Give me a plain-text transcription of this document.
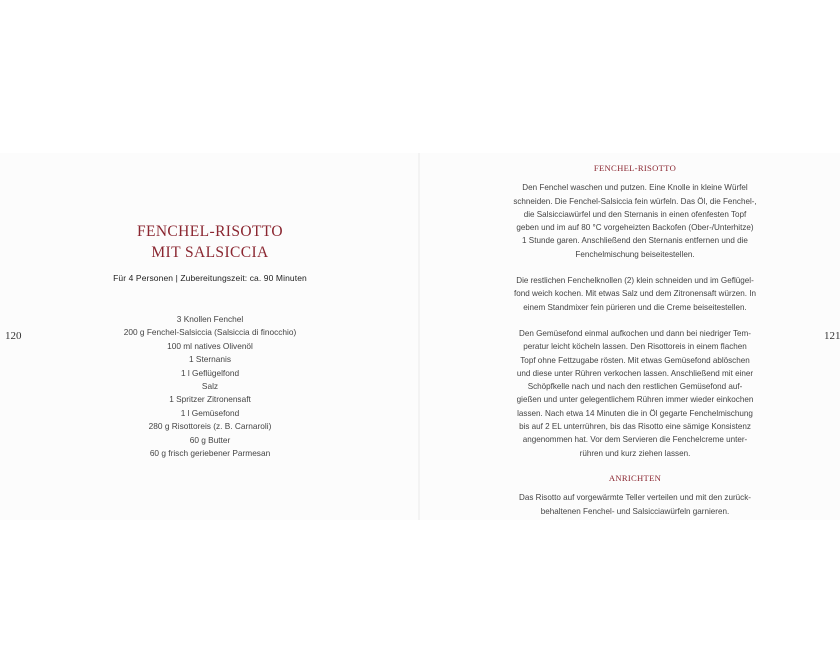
FENCHEL-RISOTTO
MIT SALSICCIA
Für 4 Personen | Zubereitungszeit: ca. 90 Minuten
3 Knollen Fenchel
200 g Fenchel-Salsiccia (Salsiccia di finocchio)
100 ml natives Olivenöl
1 Sternanis
1 l Geflügelfond
Salz
1 Spritzer Zitronensaft
1 l Gemüsefond
280 g Risottoreis (z. B. Carnaroli)
60 g Butter
60 g frisch geriebener Parmesan
120	121
FENCHEL-RISOTTO
Den Fenchel waschen und putzen. Eine Knolle in kleine Würfel
schneiden. Die Fenchel-Salsiccia fein würfeln. Das Öl, die Fenchel-,
die Salsicciawürfel und den Sternanis in einen ofenfesten Topf
geben und im auf 80 °C vorgeheizten Backofen (Ober-/Unterhitze)
1 Stunde garen. Anschließend den Sternanis entfernen und die
Fenchelmischung beiseitestellen.
Die restlichen Fenchelknollen (2) klein schneiden und im Geflügel-
fond weich kochen. Mit etwas Salz und dem Zitronensaft würzen. In
einem Standmixer fein pürieren und die Creme beiseitestellen.
Den Gemüsefond einmal aufkochen und dann bei niedriger Tem-
peratur leicht köcheln lassen. Den Risottoreis in einem flachen
Topf ohne Fettzugabe rösten. Mit etwas Gemüsefond ablöschen
und diese unter Rühren verkochen lassen. Anschließend mit einer
Schöpfkelle nach und nach den restlichen Gemüsefond auf-
gießen und unter gelegentlichem Rühren immer wieder einkochen
lassen. Nach etwa 14 Minuten die in Öl gegarte Fenchelmischung
bis auf 2 EL unterrühren, bis das Risotto eine sämige Konsistenz
angenommen hat. Vor dem Servieren die Fenchelcreme unter-
rühren und kurz ziehen lassen.
ANRICHTEN
Das Risotto auf vorgewärmte Teller verteilen und mit den zurück-
behaltenen Fenchel- und Salsicciawürfeln garnieren.
